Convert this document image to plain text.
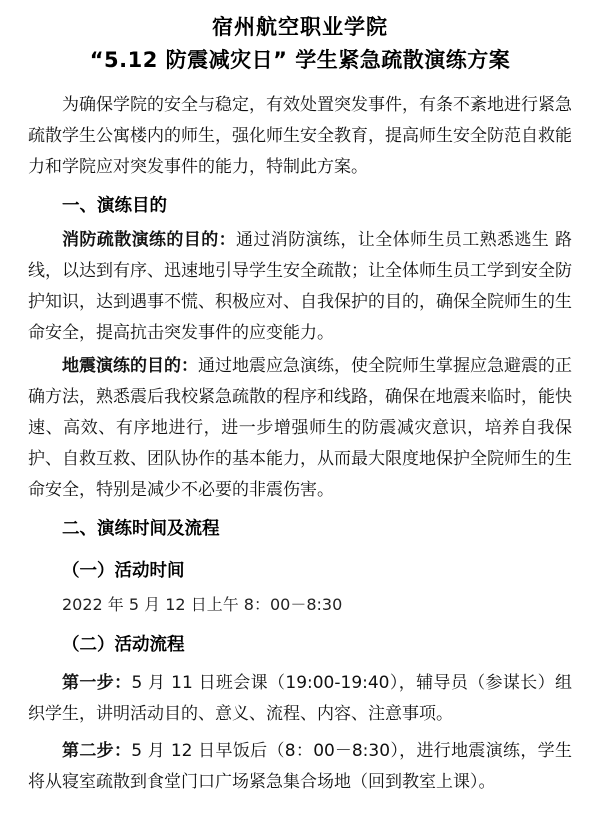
宿州航空职业学院
“5.12 防震减灾日” 学生紧急疏散演练方案

为确保学院的安全与稳定，有效处置突发事件，有条不紊地进行紧急疏散学生公寓楼内的师生，强化师生安全教育，提高师生安全防范自救能力和学院应对突发事件的能力，特制此方案。

一、演练目的

消防疏散演练的目的：通过消防演练，让全体师生员工熟悉逃生 路线，以达到有序、迅速地引导学生安全疏散；让全体师生员工学到安全防护知识，达到遇事不慌、积极应对、自我保护的目的，确保全院师生的生命安全，提高抗击突发事件的应变能力。

地震演练的目的：通过地震应急演练，使全院师生掌握应急避震的正确方法，熟悉震后我校紧急疏散的程序和线路，确保在地震来临时，能快速、高效、有序地进行，进一步增强师生的防震减灾意识，培养自我保护、自救互救、团队协作的基本能力，从而最大限度地保护全院师生的生命安全，特别是减少不必要的非震伤害。

二、演练时间及流程
（一）活动时间

2022 年 5 月 12 日上午 8：00－8:30

（二）活动流程

第一步：5 月 11 日班会课（19:00-19:40），辅导员（参谋长）组织学生，讲明活动目的、意义、流程、内容、注意事项。

第二步：5 月 12 日早饭后（8：00－8:30），进行地震演练，学生将从寝室疏散到食堂门口广场紧急集合场地（回到教室上课）。
